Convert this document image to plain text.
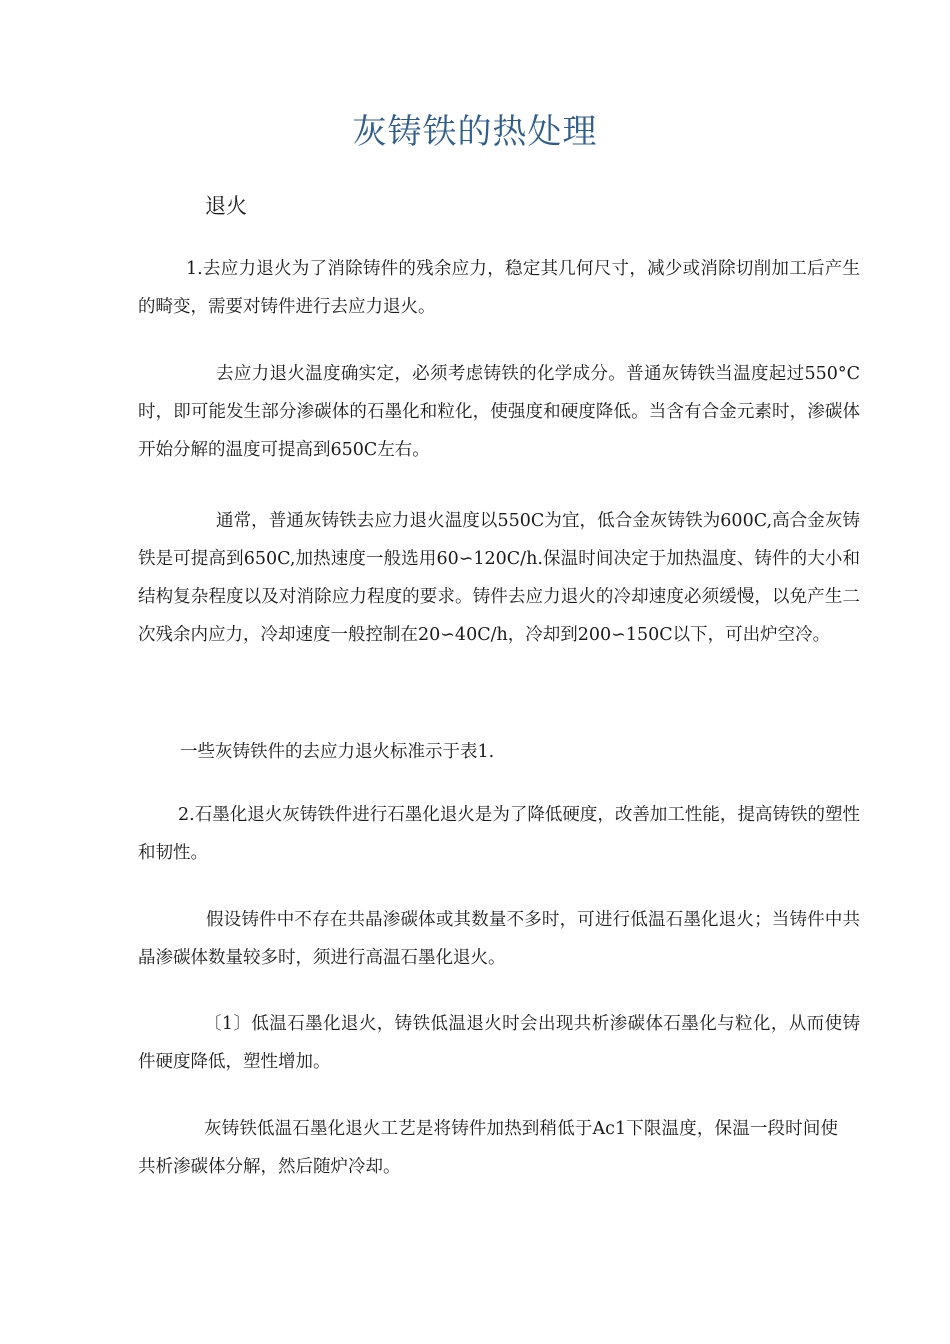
灰铸铁的热处理
退火

1.去应力退火为了消除铸件的残余应力，稳定其几何尺寸，减少或消除切削加工后产生的畸变，需要对铸件进行去应力退火。

去应力退火温度确实定，必须考虑铸铁的化学成分。普通灰铸铁当温度起过550°C时，即可能发生部分渗碳体的石墨化和粒化，使强度和硬度降低。当含有合金元素时，渗碳体开始分解的温度可提高到650C左右。

通常，普通灰铸铁去应力退火温度以550C为宜，低合金灰铸铁为600C,高合金灰铸铁是可提高到650C,加热速度一般选用60∽120C/h.保温时间决定于加热温度、铸件的大小和结构复杂程度以及对消除应力程度的要求。铸件去应力退火的冷却速度必须缓慢，以免产生二次残余内应力，冷却速度一般控制在20∽40C/h，冷却到200∽150C以下，可出炉空冷。

一些灰铸铁件的去应力退火标准示于表1.

2.石墨化退火灰铸铁件进行石墨化退火是为了降低硬度，改善加工性能，提高铸铁的塑性和韧性。

假设铸件中不存在共晶渗碳体或其数量不多时，可进行低温石墨化退火；当铸件中共晶渗碳体数量较多时，须进行高温石墨化退火。

〔1〕低温石墨化退火，铸铁低温退火时会出现共析渗碳体石墨化与粒化，从而使铸件硬度降低，塑性增加。

灰铸铁低温石墨化退火工艺是将铸件加热到稍低于Ac1下限温度，保温一段时间使共析渗碳体分解，然后随炉冷却。
